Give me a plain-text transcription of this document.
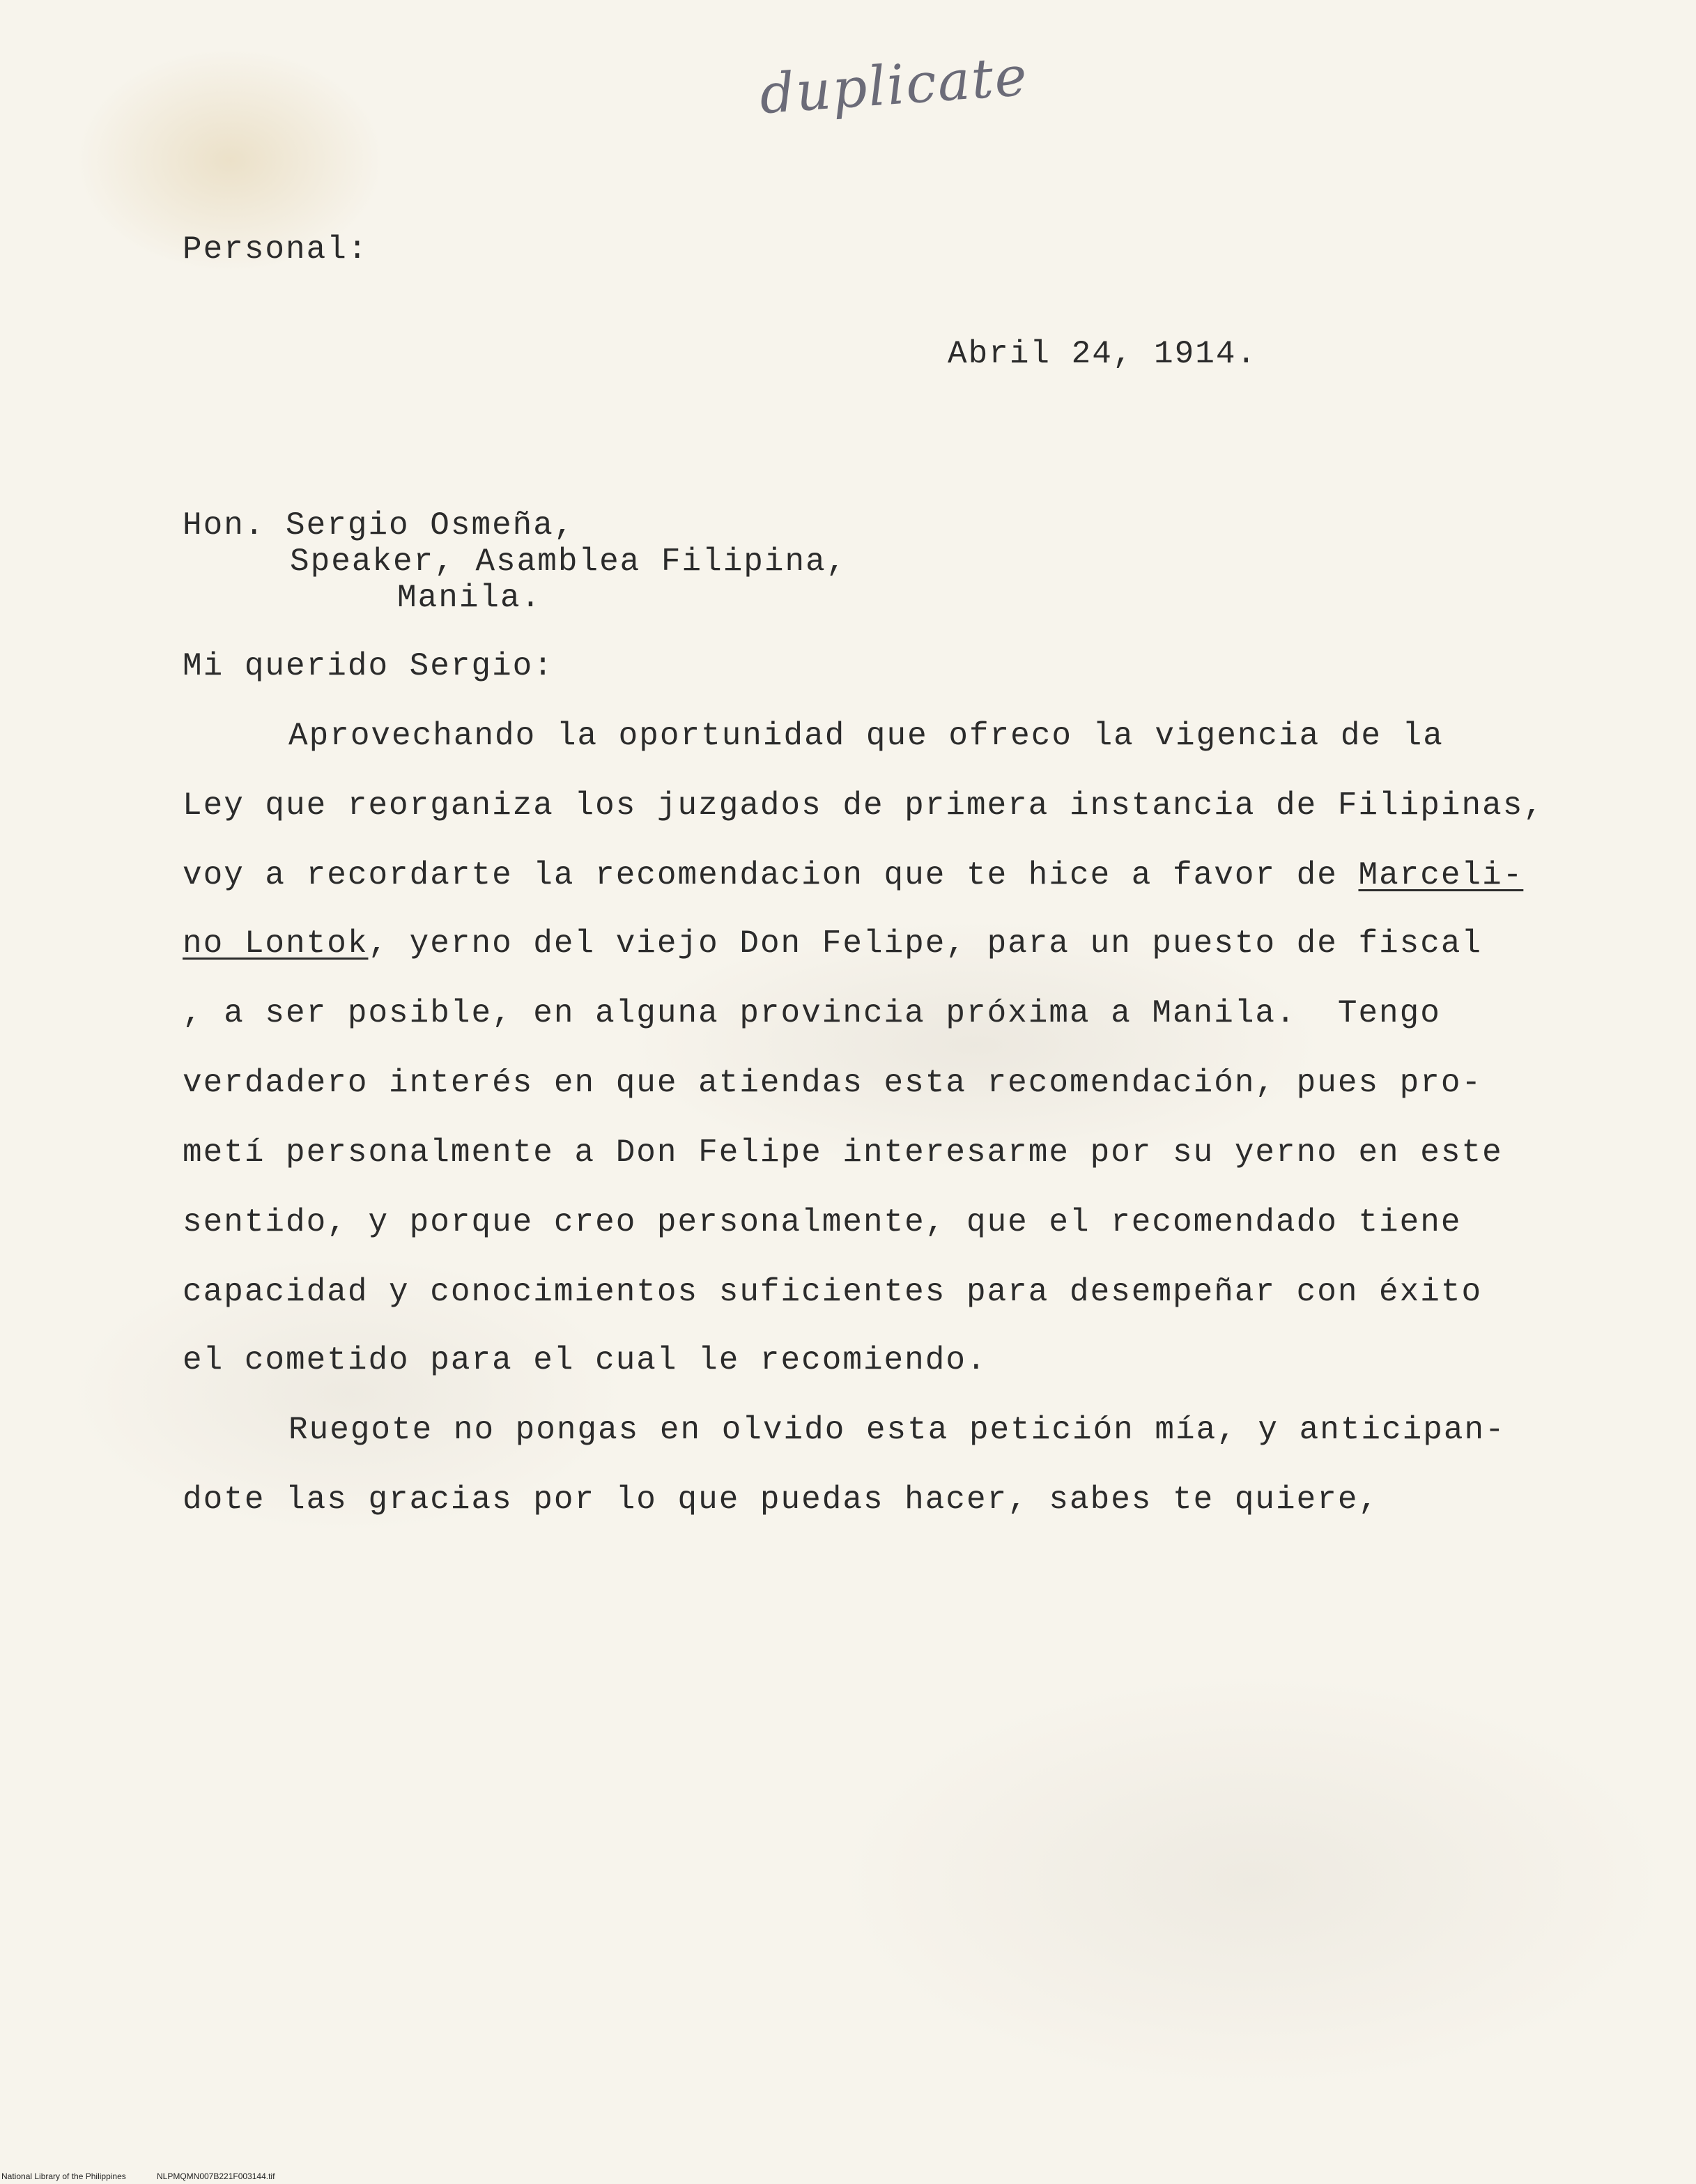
duplicate
Personal:
Abril 24, 1914.
Hon. Sergio Osmeña,
Speaker, Asamblea Filipina,
Manila.
Mi querido Sergio:
Aprovechando la oportunidad que ofreco la vigencia de la
Ley que reorganiza los juzgados de primera instancia de Filipinas,
voy a recordarte la recomendacion que te hice a favor de Marceli-
no Lontok, yerno del viejo Don Felipe, para un puesto de fiscal
, a ser posible, en alguna provincia próxima a Manila.  Tengo
verdadero interés en que atiendas esta recomendación, pues pro-
metí personalmente a Don Felipe interesarme por su yerno en este
sentido, y porque creo personalmente, que el recomendado tiene
capacidad y conocimientos suficientes para desempeñar con éxito
el cometido para el cual le recomiendo.
Ruegote no pongas en olvido esta petición mía, y anticipan-
dote las gracias por lo que puedas hacer, sabes te quiere,
National Library of the Philippines	NLPMQMN007B221F003144.tif
